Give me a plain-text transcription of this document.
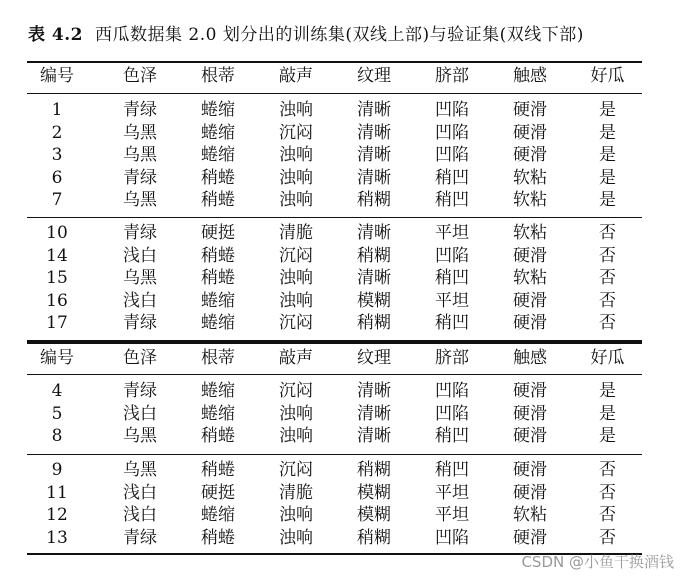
表 4.2 西瓜数据集 2.0 划分出的训练集(双线上部)与验证集(双线下部)
编号	色泽	根蒂	敲声	纹理	脐部	触感	好瓜
1	青绿	蜷缩	浊响	清晰	凹陷	硬滑	是
2	乌黑	蜷缩	沉闷	清晰	凹陷	硬滑	是
3	乌黑	蜷缩	浊响	清晰	凹陷	硬滑	是
6	青绿	稍蜷	浊响	清晰	稍凹	软粘	是
7	乌黑	稍蜷	浊响	稍糊	稍凹	软粘	是
10	青绿	硬挺	清脆	清晰	平坦	软粘	否
14	浅白	稍蜷	沉闷	稍糊	凹陷	硬滑	否
15	乌黑	稍蜷	浊响	清晰	稍凹	软粘	否
16	浅白	蜷缩	浊响	模糊	平坦	硬滑	否
17	青绿	蜷缩	沉闷	稍糊	稍凹	硬滑	否
编号	色泽	根蒂	敲声	纹理	脐部	触感	好瓜
4	青绿	蜷缩	沉闷	清晰	凹陷	硬滑	是
5	浅白	蜷缩	浊响	清晰	凹陷	硬滑	是
8	乌黑	稍蜷	浊响	清晰	稍凹	硬滑	是
9	乌黑	稍蜷	沉闷	稍糊	稍凹	硬滑	否
11	浅白	硬挺	清脆	模糊	平坦	硬滑	否
12	浅白	蜷缩	浊响	模糊	平坦	软粘	否
13	青绿	稍蜷	浊响	稍糊	凹陷	硬滑	否
CSDN @小鱼干换酒钱
